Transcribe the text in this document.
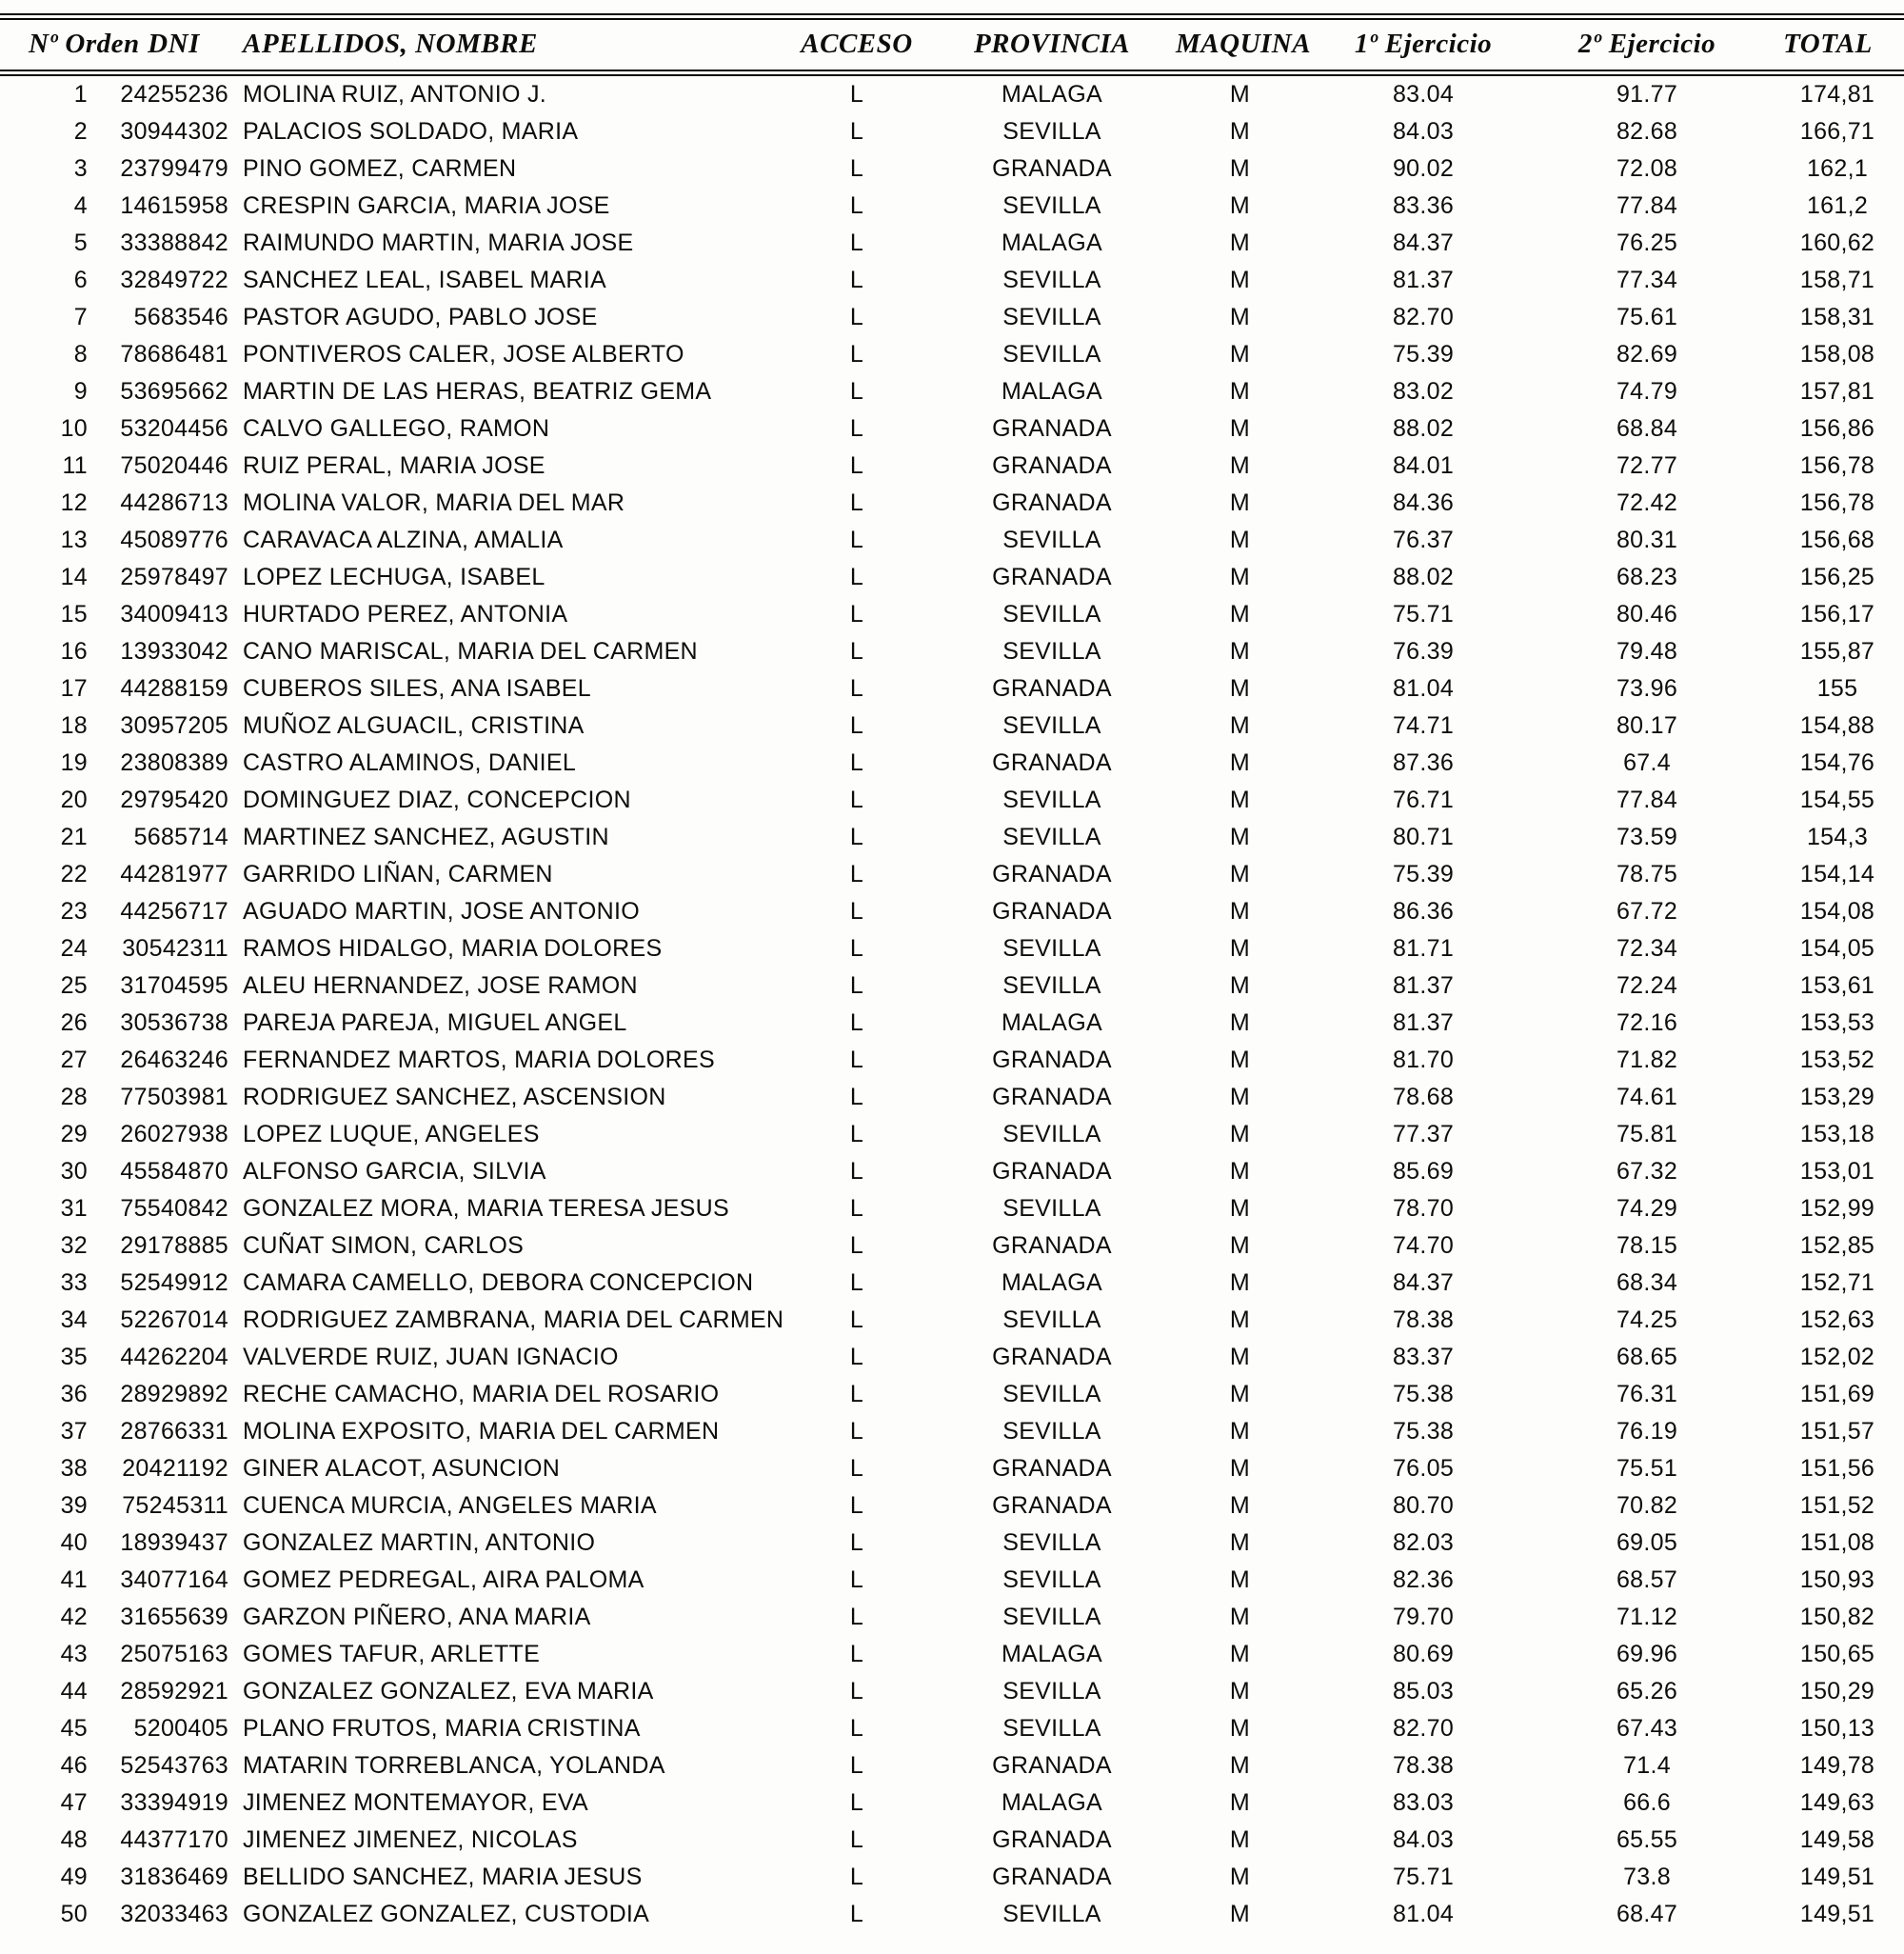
Nº Orden	DNI	APELLIDOS, NOMBRE	ACCESO	PROVINCIA	MAQUINA	1º Ejercicio	2º Ejercicio	TOTAL
1	24255236	MOLINA RUIZ, ANTONIO J.	L	MALAGA	M	83.04	91.77	174,81
2	30944302	PALACIOS SOLDADO, MARIA	L	SEVILLA	M	84.03	82.68	166,71
3	23799479	PINO GOMEZ, CARMEN	L	GRANADA	M	90.02	72.08	162,1
4	14615958	CRESPIN GARCIA, MARIA JOSE	L	SEVILLA	M	83.36	77.84	161,2
5	33388842	RAIMUNDO MARTIN, MARIA JOSE	L	MALAGA	M	84.37	76.25	160,62
6	32849722	SANCHEZ LEAL, ISABEL MARIA	L	SEVILLA	M	81.37	77.34	158,71
7	5683546	PASTOR AGUDO, PABLO JOSE	L	SEVILLA	M	82.70	75.61	158,31
8	78686481	PONTIVEROS CALER, JOSE ALBERTO	L	SEVILLA	M	75.39	82.69	158,08
9	53695662	MARTIN DE LAS HERAS, BEATRIZ GEMA	L	MALAGA	M	83.02	74.79	157,81
10	53204456	CALVO GALLEGO, RAMON	L	GRANADA	M	88.02	68.84	156,86
11	75020446	RUIZ PERAL, MARIA JOSE	L	GRANADA	M	84.01	72.77	156,78
12	44286713	MOLINA VALOR, MARIA DEL MAR	L	GRANADA	M	84.36	72.42	156,78
13	45089776	CARAVACA ALZINA, AMALIA	L	SEVILLA	M	76.37	80.31	156,68
14	25978497	LOPEZ LECHUGA, ISABEL	L	GRANADA	M	88.02	68.23	156,25
15	34009413	HURTADO PEREZ, ANTONIA	L	SEVILLA	M	75.71	80.46	156,17
16	13933042	CANO MARISCAL, MARIA DEL CARMEN	L	SEVILLA	M	76.39	79.48	155,87
17	44288159	CUBEROS SILES, ANA ISABEL	L	GRANADA	M	81.04	73.96	155
18	30957205	MUÑOZ ALGUACIL, CRISTINA	L	SEVILLA	M	74.71	80.17	154,88
19	23808389	CASTRO ALAMINOS, DANIEL	L	GRANADA	M	87.36	67.4	154,76
20	29795420	DOMINGUEZ DIAZ, CONCEPCION	L	SEVILLA	M	76.71	77.84	154,55
21	5685714	MARTINEZ SANCHEZ, AGUSTIN	L	SEVILLA	M	80.71	73.59	154,3
22	44281977	GARRIDO LIÑAN, CARMEN	L	GRANADA	M	75.39	78.75	154,14
23	44256717	AGUADO MARTIN, JOSE ANTONIO	L	GRANADA	M	86.36	67.72	154,08
24	30542311	RAMOS HIDALGO, MARIA DOLORES	L	SEVILLA	M	81.71	72.34	154,05
25	31704595	ALEU HERNANDEZ, JOSE RAMON	L	SEVILLA	M	81.37	72.24	153,61
26	30536738	PAREJA PAREJA, MIGUEL ANGEL	L	MALAGA	M	81.37	72.16	153,53
27	26463246	FERNANDEZ MARTOS, MARIA DOLORES	L	GRANADA	M	81.70	71.82	153,52
28	77503981	RODRIGUEZ SANCHEZ, ASCENSION	L	GRANADA	M	78.68	74.61	153,29
29	26027938	LOPEZ LUQUE, ANGELES	L	SEVILLA	M	77.37	75.81	153,18
30	45584870	ALFONSO GARCIA, SILVIA	L	GRANADA	M	85.69	67.32	153,01
31	75540842	GONZALEZ MORA, MARIA TERESA JESUS	L	SEVILLA	M	78.70	74.29	152,99
32	29178885	CUÑAT SIMON, CARLOS	L	GRANADA	M	74.70	78.15	152,85
33	52549912	CAMARA CAMELLO, DEBORA CONCEPCION	L	MALAGA	M	84.37	68.34	152,71
34	52267014	RODRIGUEZ ZAMBRANA, MARIA DEL CARMEN	L	SEVILLA	M	78.38	74.25	152,63
35	44262204	VALVERDE RUIZ, JUAN IGNACIO	L	GRANADA	M	83.37	68.65	152,02
36	28929892	RECHE CAMACHO, MARIA DEL ROSARIO	L	SEVILLA	M	75.38	76.31	151,69
37	28766331	MOLINA EXPOSITO, MARIA DEL CARMEN	L	SEVILLA	M	75.38	76.19	151,57
38	20421192	GINER ALACOT, ASUNCION	L	GRANADA	M	76.05	75.51	151,56
39	75245311	CUENCA MURCIA, ANGELES MARIA	L	GRANADA	M	80.70	70.82	151,52
40	18939437	GONZALEZ MARTIN, ANTONIO	L	SEVILLA	M	82.03	69.05	151,08
41	34077164	GOMEZ PEDREGAL, AIRA PALOMA	L	SEVILLA	M	82.36	68.57	150,93
42	31655639	GARZON PIÑERO, ANA MARIA	L	SEVILLA	M	79.70	71.12	150,82
43	25075163	GOMES TAFUR, ARLETTE	L	MALAGA	M	80.69	69.96	150,65
44	28592921	GONZALEZ GONZALEZ, EVA MARIA	L	SEVILLA	M	85.03	65.26	150,29
45	5200405	PLANO FRUTOS, MARIA CRISTINA	L	SEVILLA	M	82.70	67.43	150,13
46	52543763	MATARIN TORREBLANCA, YOLANDA	L	GRANADA	M	78.38	71.4	149,78
47	33394919	JIMENEZ MONTEMAYOR, EVA	L	MALAGA	M	83.03	66.6	149,63
48	44377170	JIMENEZ JIMENEZ, NICOLAS	L	GRANADA	M	84.03	65.55	149,58
49	31836469	BELLIDO SANCHEZ, MARIA JESUS	L	GRANADA	M	75.71	73.8	149,51
50	32033463	GONZALEZ GONZALEZ, CUSTODIA	L	SEVILLA	M	81.04	68.47	149,51
